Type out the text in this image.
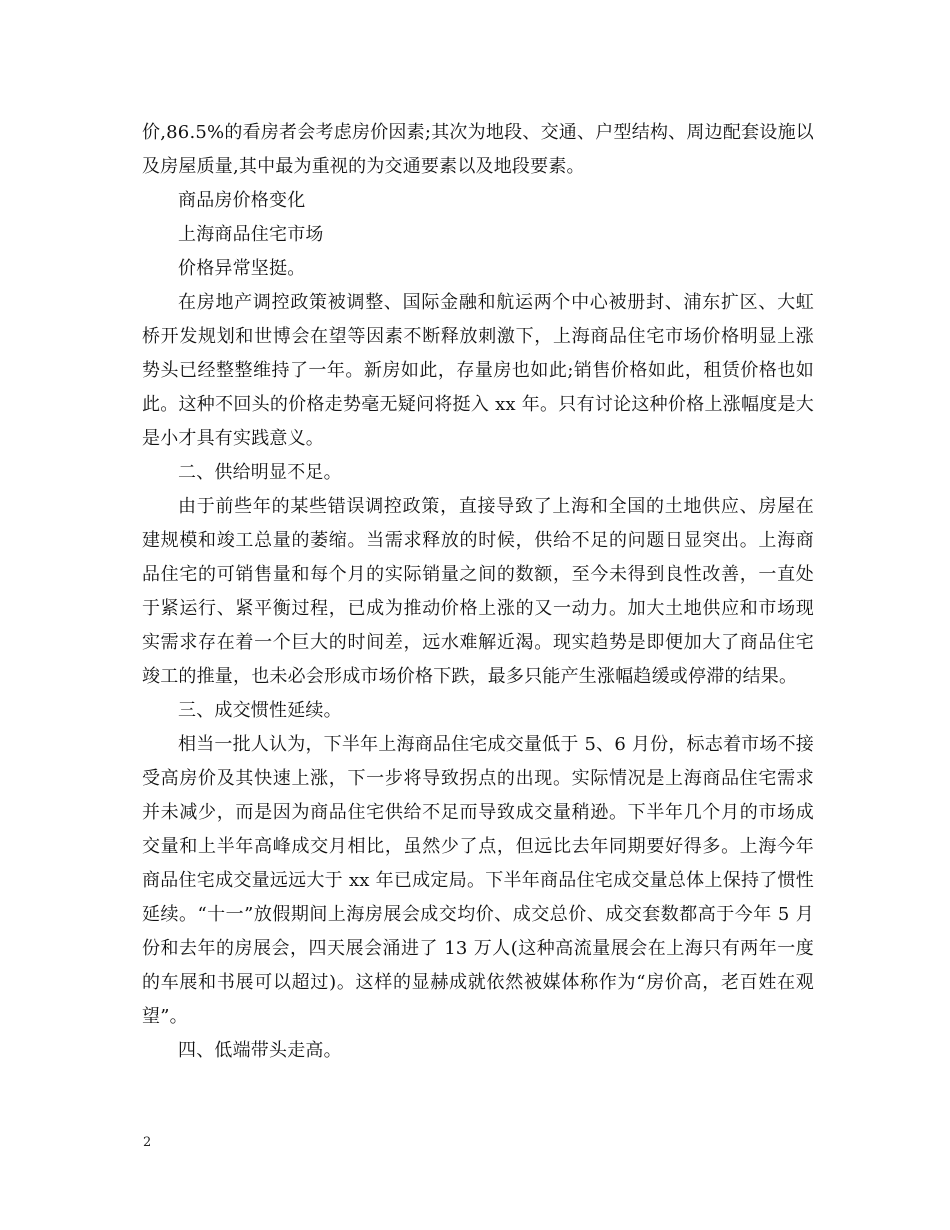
价,86.5%的看房者会考虑房价因素;其次为地段、交通、户型结构、周边配套设施以及房屋质量,其中最为重视的为交通要素以及地段要素。

商品房价格变化

上海商品住宅市场

价格异常坚挺。

在房地产调控政策被调整、国际金融和航运两个中心被册封、浦东扩区、大虹桥开发规划和世博会在望等因素不断释放刺激下，上海商品住宅市场价格明显上涨势头已经整整维持了一年。新房如此，存量房也如此;销售价格如此，租赁价格也如此。这种不回头的价格走势毫无疑问将挺入 xx 年。只有讨论这种价格上涨幅度是大是小才具有实践意义。

二、供给明显不足。

由于前些年的某些错误调控政策，直接导致了上海和全国的土地供应、房屋在建规模和竣工总量的萎缩。当需求释放的时候，供给不足的问题日显突出。上海商品住宅的可销售量和每个月的实际销量之间的数额，至今未得到良性改善，一直处于紧运行、紧平衡过程，已成为推动价格上涨的又一动力。加大土地供应和市场现实需求存在着一个巨大的时间差，远水难解近渴。现实趋势是即便加大了商品住宅竣工的推量，也未必会形成市场价格下跌，最多只能产生涨幅趋缓或停滞的结果。

三、成交惯性延续。

相当一批人认为，下半年上海商品住宅成交量低于 5、6 月份，标志着市场不接受高房价及其快速上涨，下一步将导致拐点的出现。实际情况是上海商品住宅需求并未减少，而是因为商品住宅供给不足而导致成交量稍逊。下半年几个月的市场成交量和上半年高峰成交月相比，虽然少了点，但远比去年同期要好得多。上海今年商品住宅成交量远远大于 xx 年已成定局。下半年商品住宅成交量总体上保持了惯性延续。“十一”放假期间上海房展会成交均价、成交总价、成交套数都高于今年 5 月份和去年的房展会，四天展会涌进了 13 万人(这种高流量展会在上海只有两年一度的车展和书展可以超过)。这样的显赫成就依然被媒体称作为“房价高，老百姓在观望”。

四、低端带头走高。

2
